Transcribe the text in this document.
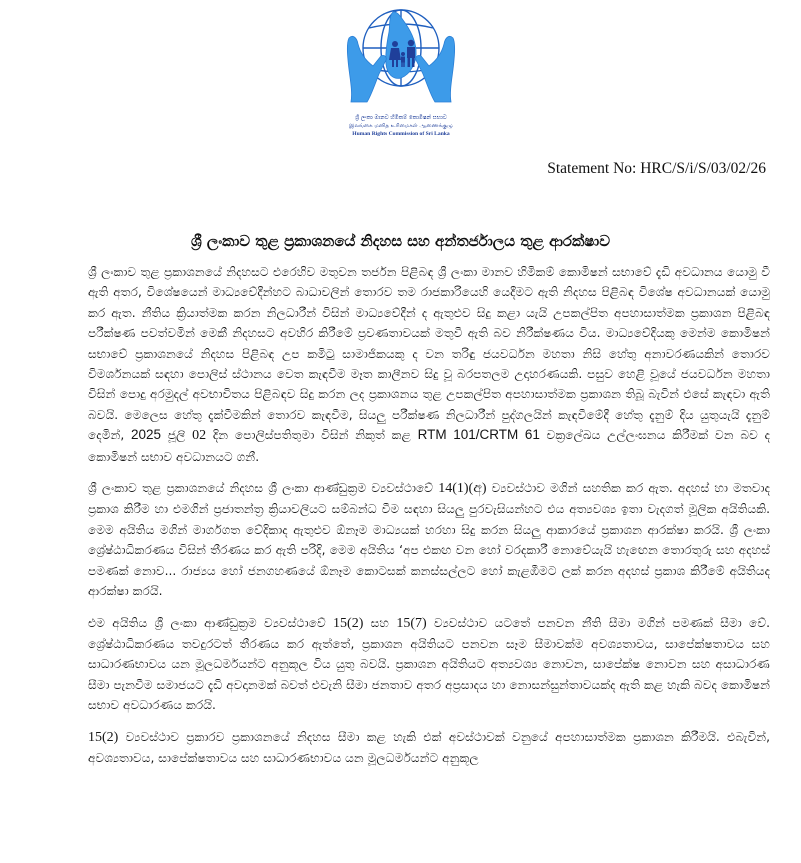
ශ්‍රී ලංකා මානව හිමිකම් කොමිෂන් සභාව
இலங்கை மனித உரிமைகள் ஆணைக்குழு
Human Rights Commission of Sri Lanka
Statement No: HRC/S/i/S/03/02/26
ශ්‍රී ලංකාව තුළ ප්‍රකාශනයේ නිදහස සහ අන්තර්ජාලය තුළ ආරක්ෂාව

ශ්‍රී ලංකාව තුළ ප්‍රකාශනයේ නිදහසට එරෙහිව මතුවන තර්ජන පිළිබඳ ශ්‍රී ලංකා මානව හිමිකම් කොමිෂන් සභාවේ දැඩි අවධානය යොමු වී ඇති අතර, විශේෂයෙන් මාධ්‍යවේදීන්හට බාධාවලින් තොරව තම රාජකාරියෙහි යෙදීමට ඇති නිදහස පිළිබඳ විශේෂ අවධානයක් යොමු කර ඇත. නීතිය ක්‍රියාත්මක කරන නිලධාරීන් විසින් මාධ්‍යවේදීන් ද ඇතුළුව සිදු කළා යැයි උපකල්පිත අපහාසාත්මක ප්‍රකාශන පිළිබඳ පරීක්ෂණ පවත්වමින් මෙකී නිදහසට අවහිර කිරීමේ ප්‍රවණතාවයක් මතුවී ඇති බව නිරීක්ෂණය විය. මාධ්‍යවේදියකු මෙන්ම කොමිෂන් සභාවේ ප්‍රකාශනයේ නිදහස පිළිබඳ උප කමිටු සාමාජිකයකු ද වන තරිඳු ජයවර්ධන මහතා නිසි හේතු අනාවරණයකින් තොරව විමර්ශනයක් සඳහා පොලිස් ස්ථානය වෙත කැඳවීම මෑත කාලීනව සිදු වූ බරපතලම උදාහරණයකි. පසුව හෙළි වූයේ ජයවර්ධන මහතා විසින් පොදු අරමුදල් අවභාවිතය පිළිබඳව සිදු කරන ලද ප්‍රකාශනය තුළ උපකල්පිත අපහාසාත්මක ප්‍රකාශන තිබූ බැවින් එසේ කැඳවා ඇති බවයි. මෙලෙස හේතු දැක්වීමකින් තොරව කැඳවීම, සියලු පරීක්ෂණ නිලධාරීන් පුද්ගලයින් කැඳවීමේදී හේතු දැනුම් දිය යුතුයැයි දැනුම් දෙමින්, 2025 ජූලි 02 දින පොලිස්පතිතුමා විසින් නිකුත් කළ RTM 101/CRTM 61 චක්‍රලේඛය උල්ලංඝනය කිරීමක් වන බව ද කොමිෂන් සභාව අවධානයට ගනී.

ශ්‍රී ලංකාව තුළ ප්‍රකාශනයේ නිදහස ශ්‍රී ලංකා ආණ්ඩුක්‍රම ව්‍යවස්ථාවේ 14(1)(අ) ව්‍යවස්ථාව මගින් සහතික කර ඇත. අදහස් හා මතවාද ප්‍රකාශ කිරීම හා එමගින් ප්‍රජාතන්ත්‍ර ක්‍රියාවලියට සම්බන්ධ වීම සඳහා සියලු පුරවැසියන්හට එය අත්‍යවශ්‍ය ඉතා වැදගත් මූලික අයිතියකි. මෙම අයිතිය මගින් මාර්ගගත වේදිකාද ඇතුළුව ඕනෑම මාධ්‍යයක් හරහා සිදු කරන සියලු ආකාරයේ ප්‍රකාශන ආරක්ෂා කරයි. ශ්‍රී ලංකා ශ්‍රේෂ්ඨාධිකරණය විසින් තීරණය කර ඇති පරිදි, මෙම අයිතිය ‘අප එකඟ වන හෝ වරදකාරී නොවේයැයි හැඟෙන තොරතුරු සහ අදහස් පමණක් නොව... රාජ්‍යය හෝ ජනගහණයේ ඕනෑම කොටසක් කනස්සල්ලට හෝ කැළඹීමට ලක් කරන අදහස් ප්‍රකාශ කිරීමේ අයිතියද ආරක්ෂා කරයි.

එම අයිතිය ශ්‍රී ලංකා ආණ්ඩුක්‍රම ව්‍යවස්ථාවේ 15(2) සහ 15(7) ව්‍යවස්ථාව යටතේ පනවන නීති සීමා මගින් පමණක් සීමා වේ. ශ්‍රේෂ්ඨාධිකරණය තවදුරටත් තීරණය කර ඇත්තේ, ප්‍රකාශන අයිතියට පනවන සෑම සීමාවක්ම අවශ්‍යතාවය, සාපේක්ෂතාවය සහ සාධාරණභාවය යන මූලධර්මයන්ට අනුකූල විය යුතු බවයි. ප්‍රකාශන අයිතියට අත්‍යවශ්‍ය නොවන, සාපේක්ෂ නොවන සහ අසාධාරණ සීමා පැනවීම සමාජයට දැඩි අවදානමක් බවත් එවැනි සීමා ජනතාව අතර අප්‍රසාදය හා නොසන්සුන්තාවයක්ද ඇති කළ හැකි බවද කොමිෂන් සභාව අවධාරණය කරයි.

15(2) ව්‍යවස්ථාව ප්‍රකාරව ප්‍රකාශනයේ නිදහස සීමා කළ හැකි එක් අවස්ථාවක් වනුයේ අපහාසාත්මක ප්‍රකාශන කිරීමයි. එබැවින්, අවශ්‍යතාවය, සාපේක්ෂතාවය සහ සාධාරණභාවය යන මූලධර්මයන්ට අනුකූල
